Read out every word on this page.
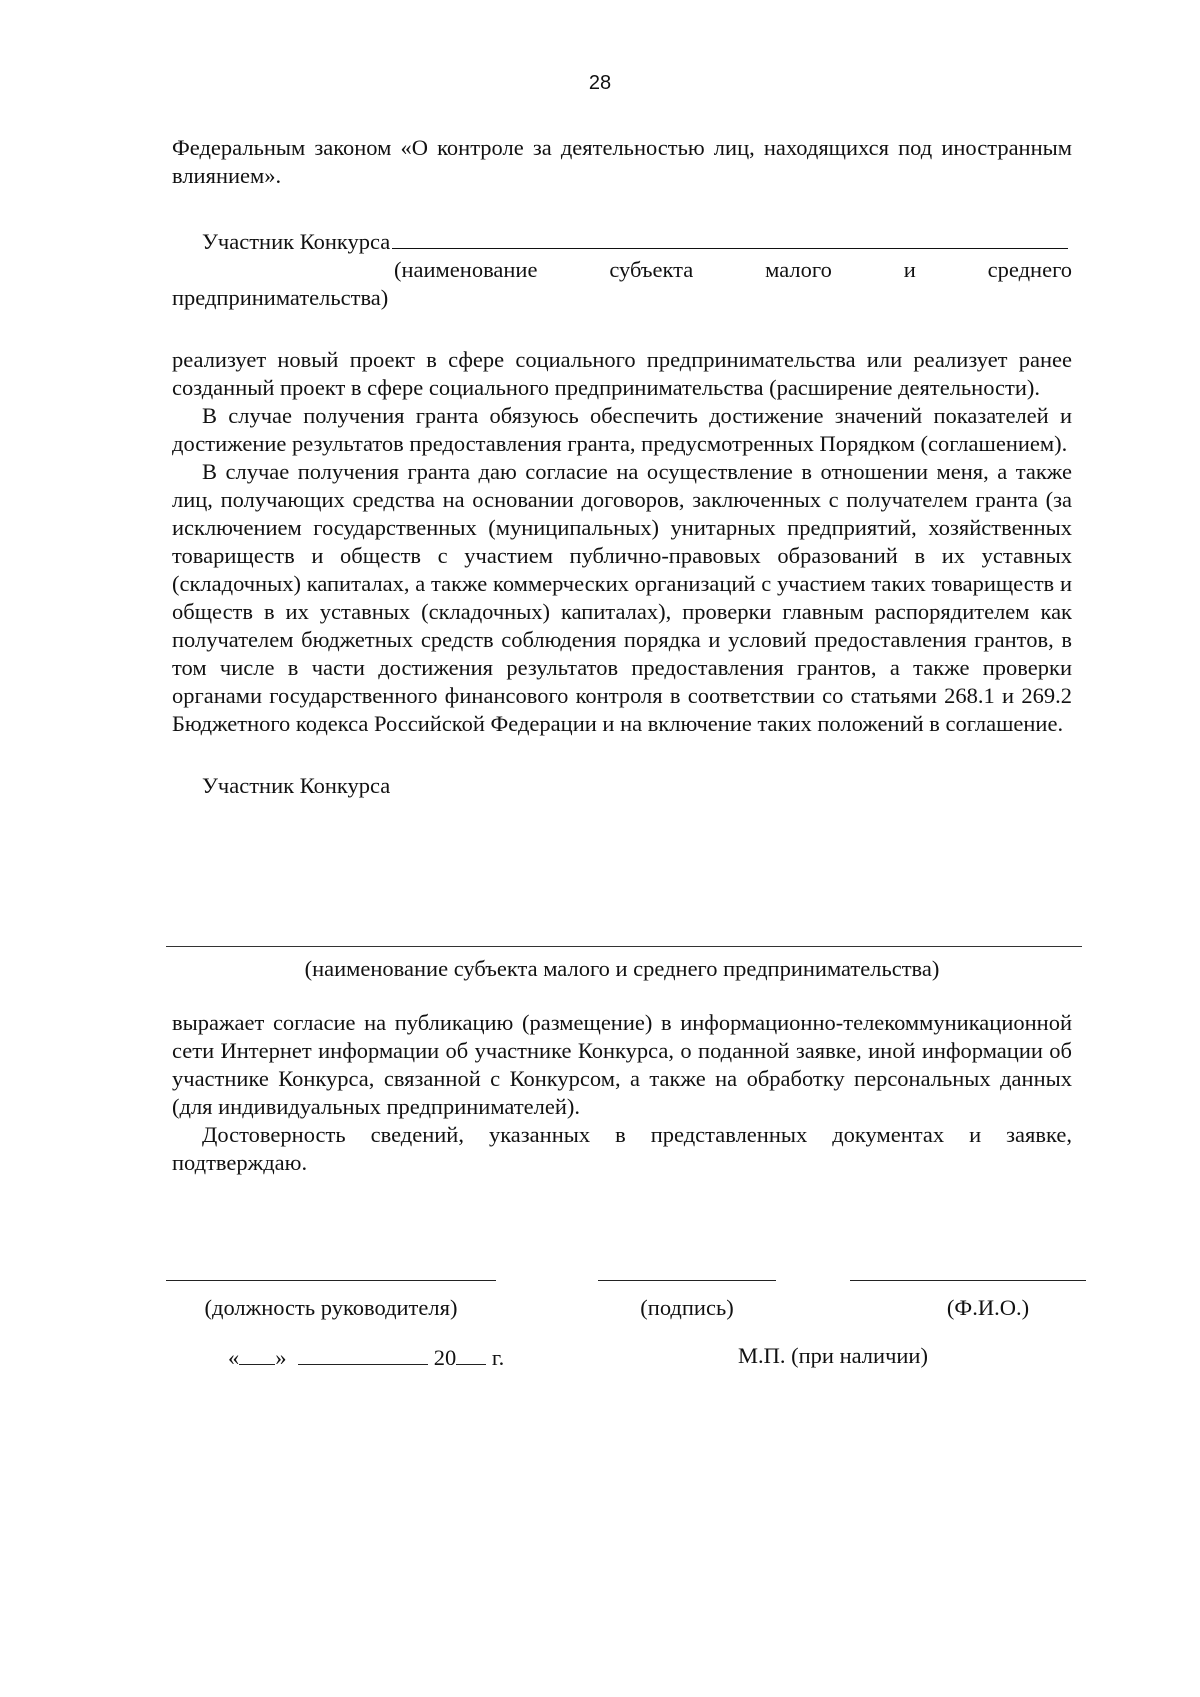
28

Федеральным законом «О контроле за деятельностью лиц, находящихся под иностранным влиянием».

Участник Конкурса

(наименование субъекта малого и среднего

предпринимательства)

реализует новый проект в сфере социального предпринимательства или реализует ранее созданный проект в сфере социального предпринимательства (расширение деятельности).

В случае получения гранта обязуюсь обеспечить достижение значений показателей и достижение результатов предоставления гранта, предусмотренных Порядком (соглашением).

В случае получения гранта даю согласие на осуществление в отношении меня, а также лиц, получающих средства на основании договоров, заключенных с получателем гранта (за исключением государственных (муниципальных) унитарных предприятий, хозяйственных товариществ и обществ с участием публично-правовых образований в их уставных (складочных) капиталах, а также коммерческих организаций с участием таких товариществ и обществ в их уставных (складочных) капиталах), проверки главным распорядителем как получателем бюджетных средств соблюдения порядка и условий предоставления грантов, в том числе в части достижения результатов предоставления грантов, а также проверки органами государственного финансового контроля в соответствии со статьями 268.1 и 269.2 Бюджетного кодекса Российской Федерации и на включение таких положений в соглашение.

Участник Конкурса

(наименование субъекта малого и среднего предпринимательства)

выражает согласие на публикацию (размещение) в информационно-телекоммуникационной сети Интернет информации об участнике Конкурса, о поданной заявке, иной информации об участнике Конкурса, связанной с Конкурсом, а также на обработку персональных данных (для индивидуальных предпринимателей).

Достоверность сведений, указанных в представленных документах и заявке, подтверждаю.

(должность руководителя)	(подпись)	(Ф.И.О.)
« »	20 г.	М.П. (при наличии)
